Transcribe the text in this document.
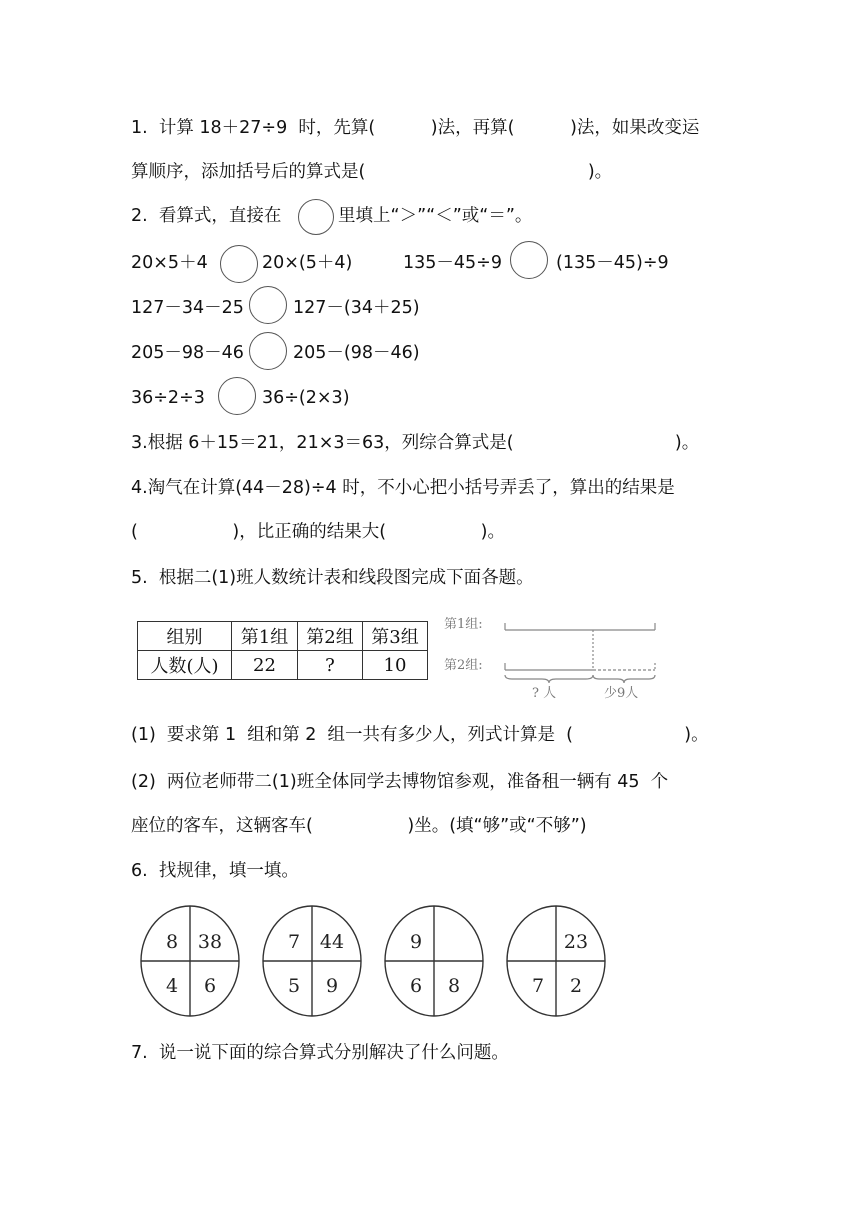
1.  计算 18＋27÷9  时，先算(          )法，再算(          )法，如果改变运
算顺序，添加括号后的算式是(                                        )。
2.  看算式，直接在	里填上“＞”“＜”或“＝”。
20×5＋4	20×(5＋4)	135－45÷9	(135－45)÷9
127－34－25	127－(34＋25)
205－98－46	205－(98－46)
36÷2÷3	36÷(2×3)
3.根据 6＋15＝21，21×3＝63，列综合算式是(                             )。
4.淘气在计算(44－28)÷4 时，不小心把小括号弄丢了，算出的结果是
(                 )，比正确的结果大(                 )。
5.  根据二(1)班人数统计表和线段图完成下面各题。
组别	第1组	第2组	第3组
人数(人)	22	?	10
第1组:
第2组:
? 人	少9人
(1)  要求第 1  组和第 2  组一共有多少人，列式计算是  (                    )。
(2)  两位老师带二(1)班全体同学去博物馆参观，准备租一辆有 45  个
座位的客车，这辆客车(                 )坐。(填“够”或“不够”)
6.  找规律，填一填。
8	38
4	6
7	44
5	9
9
6	8
23
7	2
7.  说一说下面的综合算式分别解决了什么问题。
